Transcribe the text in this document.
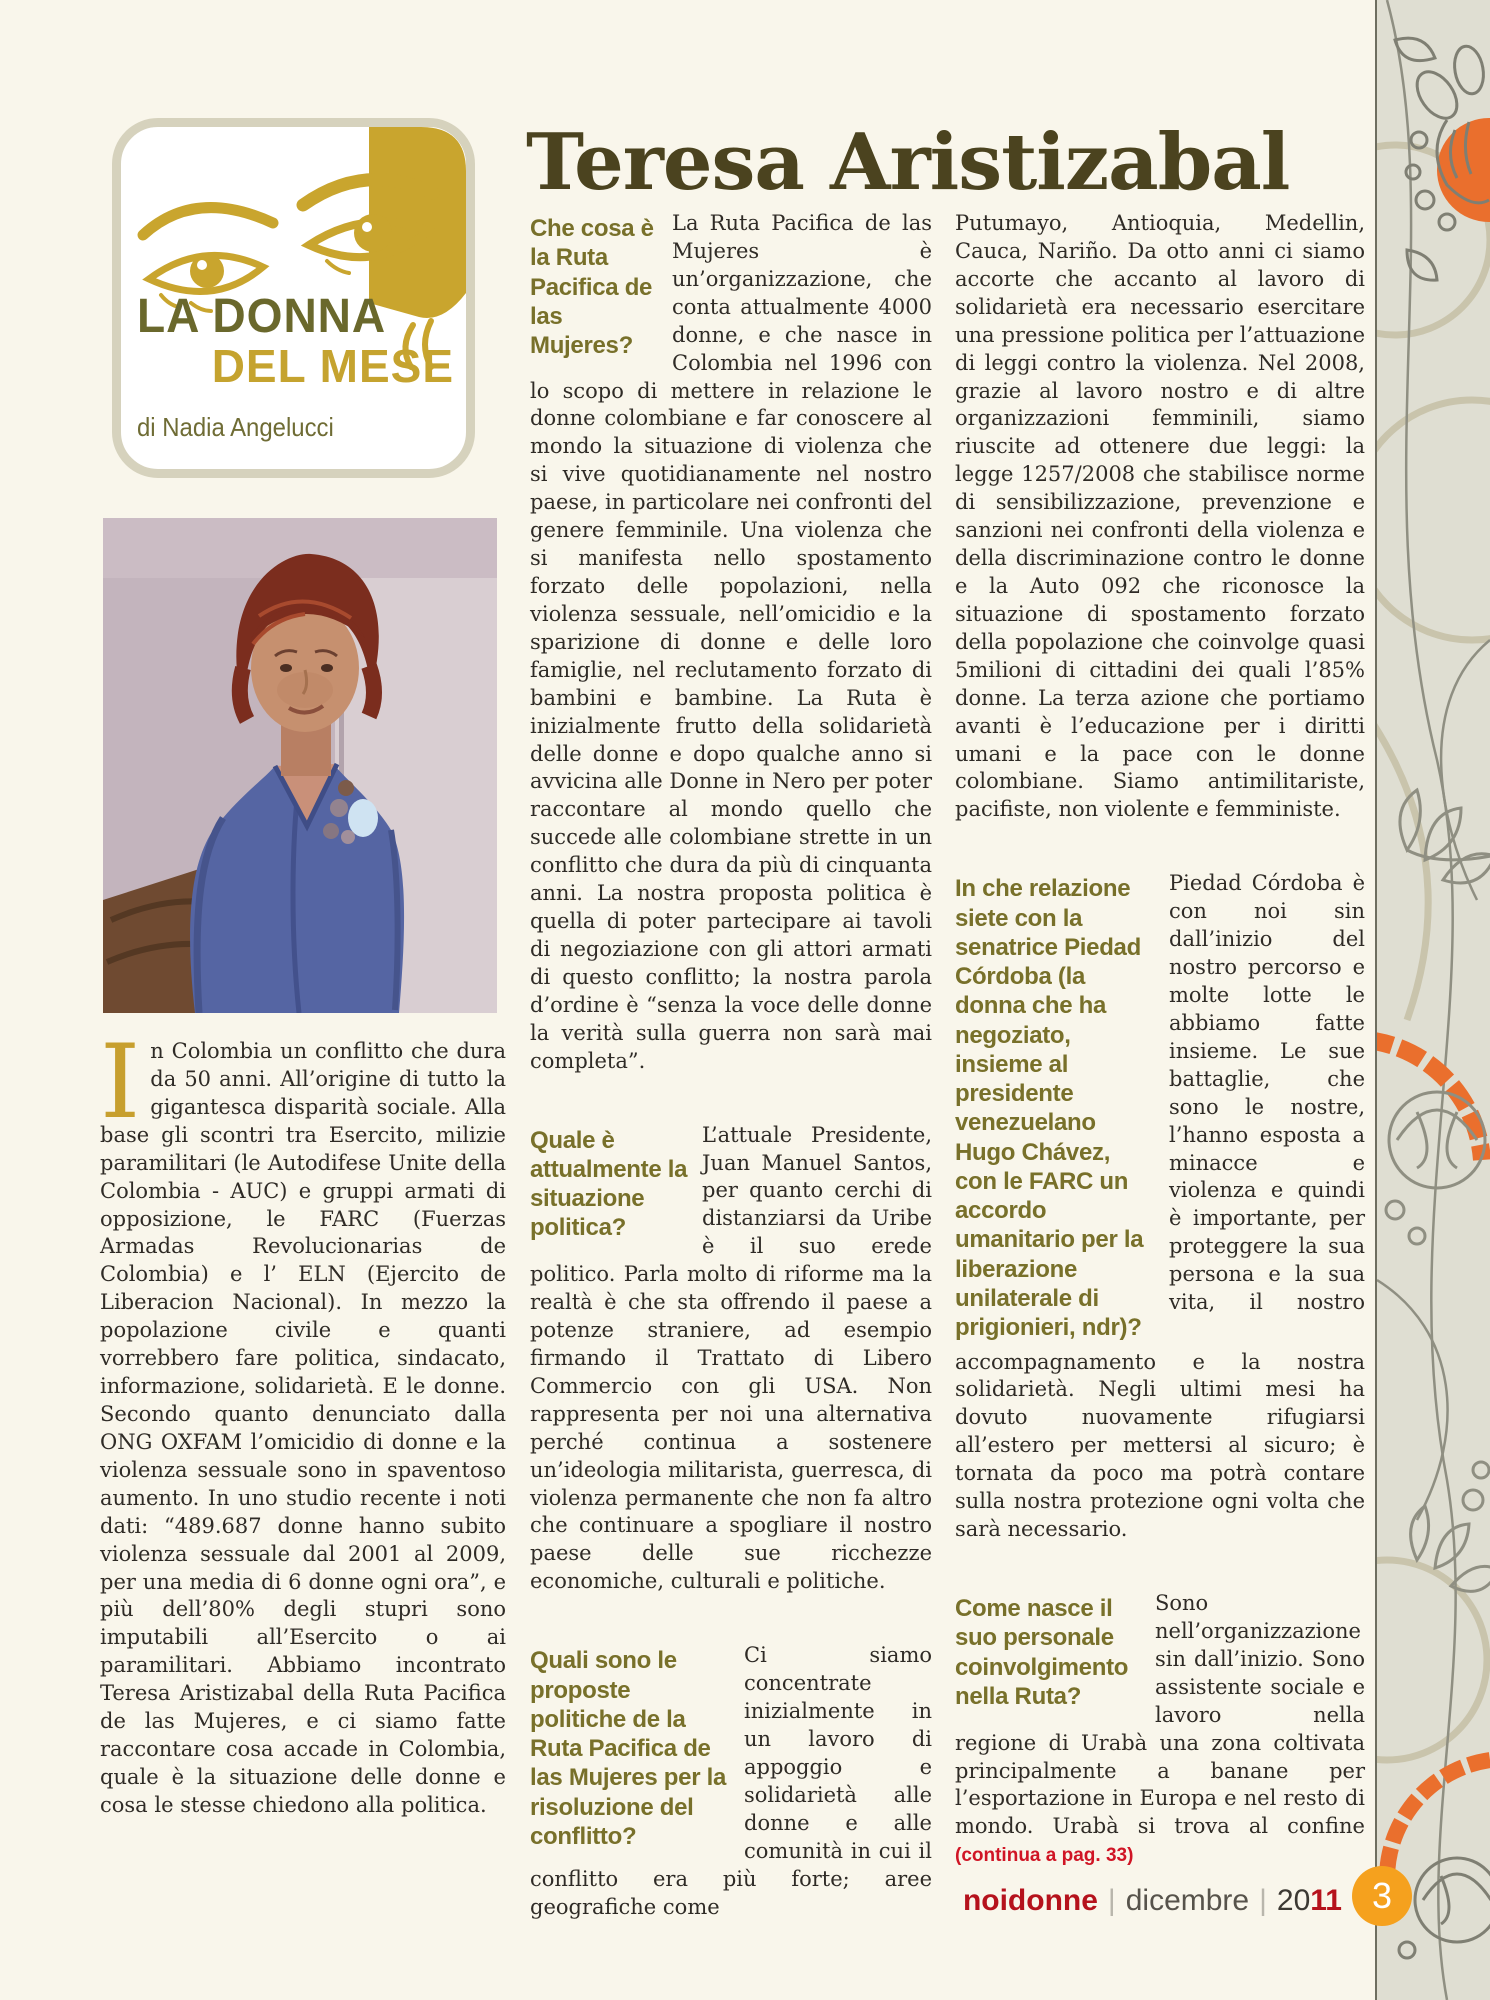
Teresa Aristizabal
LA DONNA
DEL MESE
di Nadia Angelucci

In Colombia un conflitto che dura da 50 anni. All’origine di tutto la gigantesca disparità sociale. Alla base gli scontri tra Esercito, milizie paramilitari (le Autodifese Unite della Colombia - AUC) e gruppi armati di opposizione, le FARC (Fuerzas Armadas Revolucionarias de Colombia) e l’ ELN (Ejercito de Liberacion Nacional). In mezzo la popolazione civile e quanti vorrebbero fare politica, sindacato, informazione, solidarietà. E le donne. Secondo quanto denunciato dalla ONG OXFAM l’omicidio di donne e la violenza sessuale sono in spaventoso aumento. In uno studio recente i noti dati: “489.687 donne hanno subito violenza sessuale dal 2001 al 2009, per una media di 6 donne ogni ora”, e più dell’80% degli stupri sono imputabili all’Esercito o ai paramilitari. Abbiamo incontrato Teresa Aristizabal della Ruta Pacifica de las Mujeres, e ci siamo fatte raccontare cosa accade in Colombia, quale è la situazione delle donne e cosa le stesse chiedono alla politica.

Che cosa è la Ruta Pacifica de las Mujeres?

La Ruta Pacifica de las Mujeres è un’organizzazione, che conta attualmente 4000 donne, e che nasce in Colombia nel 1996 con lo scopo di mettere in relazione le donne colombiane e far conoscere al mondo la situazione di violenza che si vive quotidianamente nel nostro paese, in particolare nei confronti del genere femminile. Una violenza che si manifesta nello spostamento forzato delle popolazioni, nella violenza sessuale, nell’omicidio e la sparizione di donne e delle loro famiglie, nel reclutamento forzato di bambini e bambine. La Ruta è inizialmente frutto della solidarietà delle donne e dopo qualche anno si avvicina alle Donne in Nero per poter raccontare al mondo quello che succede alle colombiane strette in un conflitto che dura da più di cinquanta anni. La nostra proposta politica è quella di poter partecipare ai tavoli di negoziazione con gli attori armati di questo conflitto; la nostra parola d’ordine è “senza la voce delle donne la verità sulla guerra non sarà mai completa”.

Quale è attualmente la situazione politica?

L’attuale Presidente, Juan Manuel Santos, per quanto cerchi di distanziarsi da Uribe è il suo erede politico. Parla molto di riforme ma la realtà è che sta offrendo il paese a potenze straniere, ad esempio firmando il Trattato di Libero Commercio con gli USA. Non rappresenta per noi una alternativa perché continua a sostenere un’ideologia militarista, guerresca, di violenza permanente che non fa altro che continuare a spogliare il nostro paese delle sue ricchezze economiche, culturali e politiche.

Quali sono le proposte politiche de la Ruta Pacifica de las Mujeres per la risoluzione del conflitto?

Ci siamo concentrate inizialmente in un lavoro di appoggio e solidarietà alle donne e alle comunità in cui il conflitto era più forte; aree geografiche come

Putumayo, Antioquia, Medellin, Cauca, Nariño. Da otto anni ci siamo accorte che accanto al lavoro di solidarietà era necessario esercitare una pressione politica per l’attuazione di leggi contro la violenza. Nel 2008, grazie al lavoro nostro e di altre organizzazioni femminili, siamo riuscite ad ottenere due leggi: la legge 1257/2008 che stabilisce norme di sensibilizzazione, prevenzione e sanzioni nei confronti della violenza e della discriminazione contro le donne e la Auto 092 che riconosce la situazione di spostamento forzato della popolazione che coinvolge quasi 5milioni di cittadini dei quali l’85% donne. La terza azione che portiamo avanti è l’educazione per i diritti umani e la pace con le donne colombiane. Siamo antimilitariste, pacifiste, non violente e femministe.

In che relazione siete con la senatrice Piedad Córdoba (la donna che ha negoziato, insieme al presidente venezuelano Hugo Chávez, con le FARC un accordo umanitario per la liberazione unilaterale di prigionieri, ndr)?

Piedad Córdoba è con noi sin dall’inizio del nostro percorso e molte lotte le abbiamo fatte insieme. Le sue battaglie, che sono le nostre, l’hanno esposta a minacce e violenza e quindi è importante, per proteggere la sua persona e la sua vita, il nostro accompagnamento e la nostra solidarietà. Negli ultimi mesi ha dovuto nuovamente rifugiarsi all’estero per mettersi al sicuro; è tornata da poco ma potrà contare sulla nostra protezione ogni volta che sarà necessario.

Come nasce il suo personale coinvolgimento nella Ruta?

Sono nell’organizzazione sin dall’inizio. Sono assistente sociale e lavoro nella regione di Urabà una zona coltivata principalmente a banane per l’esportazione in Europa e nel resto di mondo. Urabà si trova al confine (continua a pag. 33)

noidonne | dicembre | 2011 3
